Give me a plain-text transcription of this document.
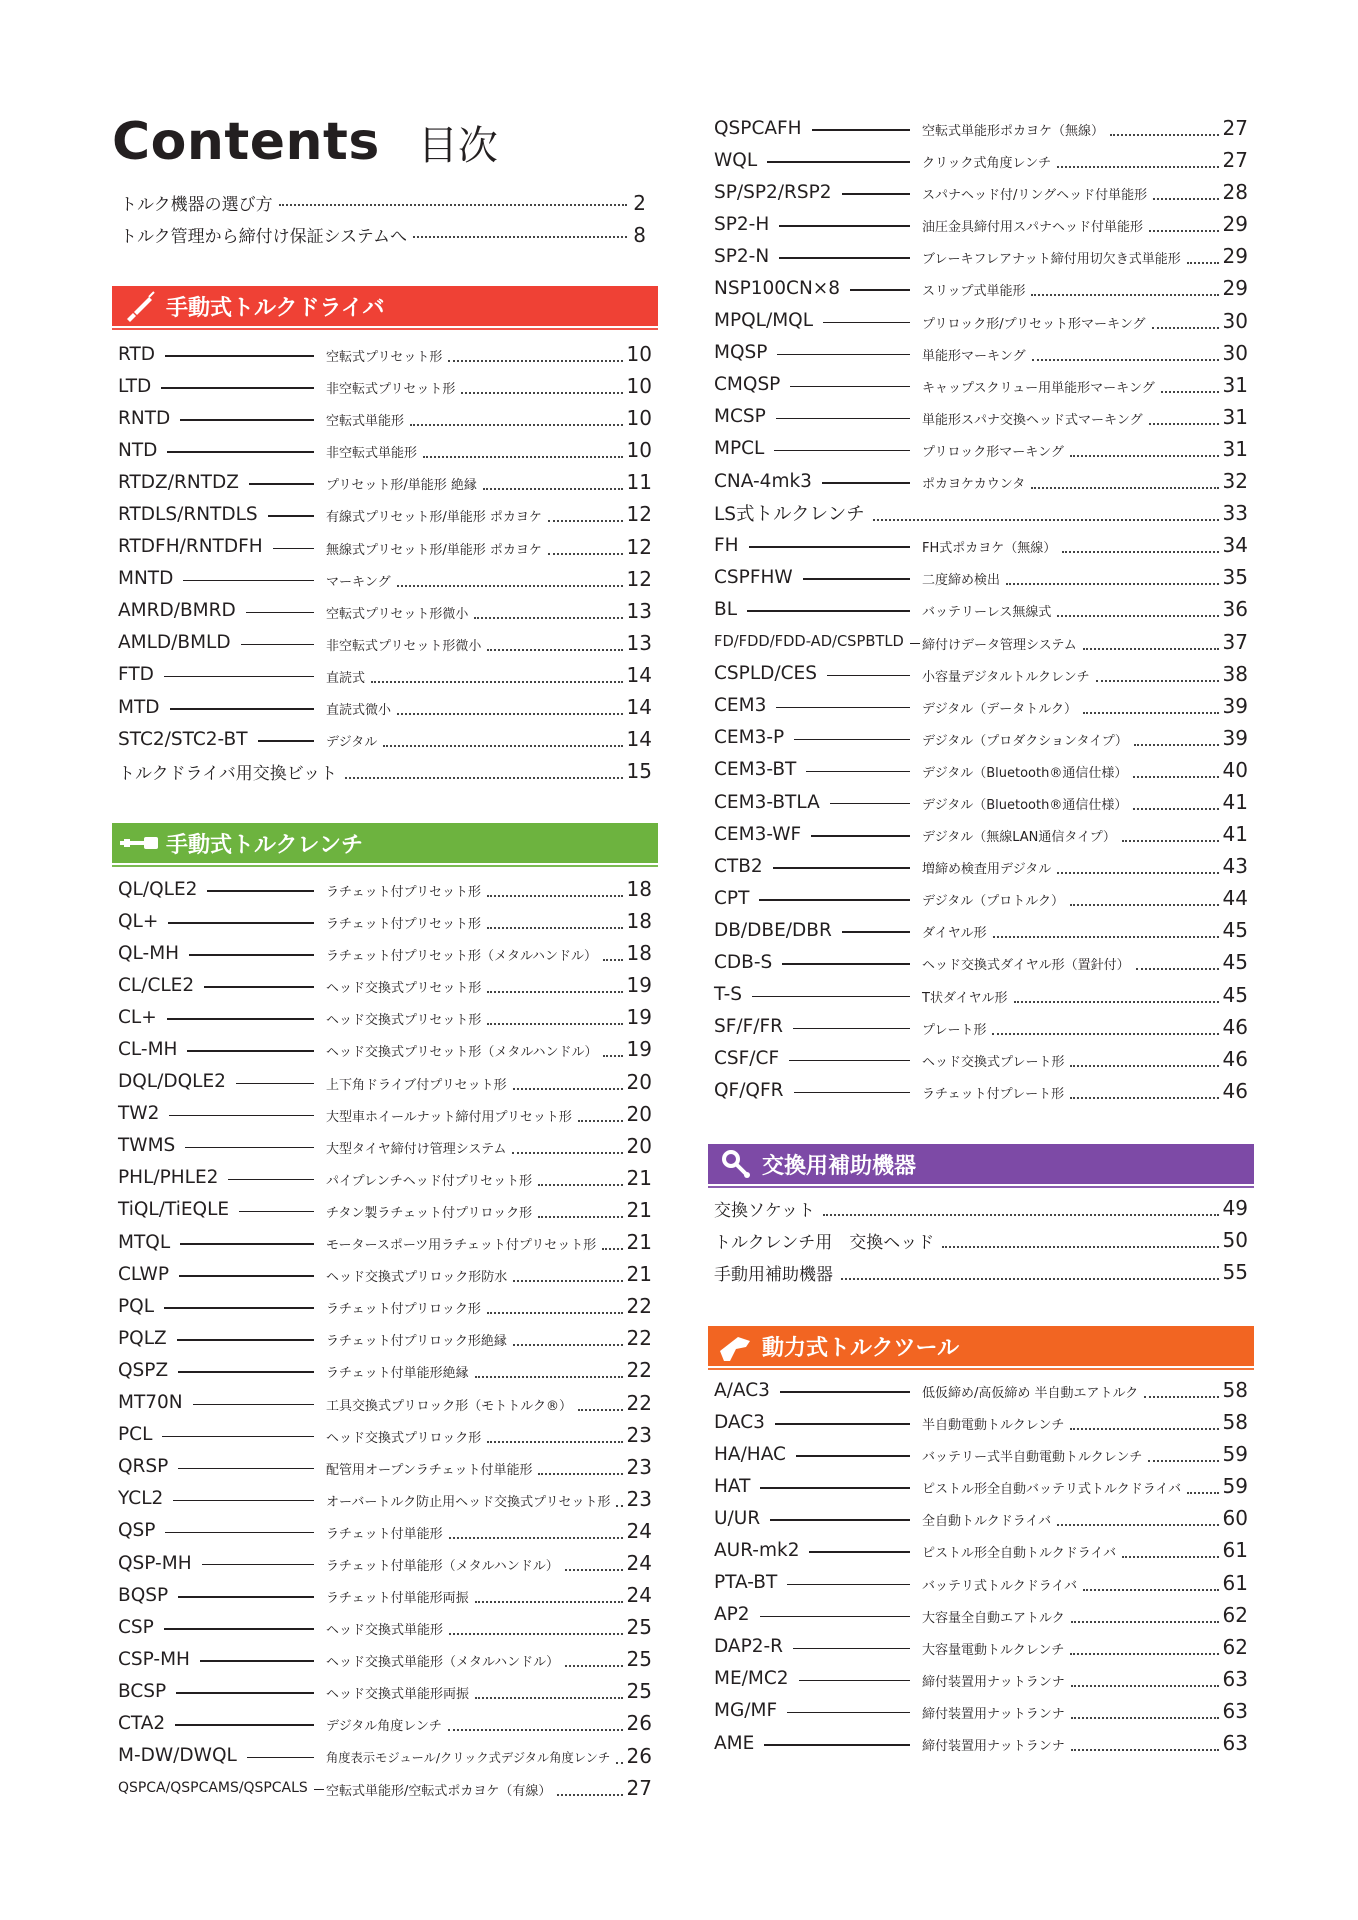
Contents 目次
トルク機器の選び方	2
トルク管理から締付け保証システムへ	8
手動式トルクドライバ
手動式トルクレンチ
交換用補助機器
動力式トルクツール
RTD	空転式プリセット形	10
LTD	非空転式プリセット形	10
RNTD	空転式単能形	10
NTD	非空転式単能形	10
RTDZ/RNTDZ	プリセット形/単能形 絶縁	11
RTDLS/RNTDLS	有線式プリセット形/単能形 ポカヨケ	12
RTDFH/RNTDFH	無線式プリセット形/単能形 ポカヨケ	12
MNTD	マーキング	12
AMRD/BMRD	空転式プリセット形微小	13
AMLD/BMLD	非空転式プリセット形微小	13
FTD	直読式	14
MTD	直読式微小	14
STC2/STC2-BT	デジタル	14
トルクドライバ用交換ビット	15
QL/QLE2	ラチェット付プリセット形	18
QL+	ラチェット付プリセット形	18
QL-MH	ラチェット付プリセット形（メタルハンドル） 18
CL/CLE2	ヘッド交換式プリセット形	19
CL+	ヘッド交換式プリセット形	19
CL-MH	ヘッド交換式プリセット形（メタルハンドル） 19
DQL/DQLE2	上下角ドライブ付プリセット形	20
TW2	大型車ホイールナット締付用プリセット形	20
TWMS	大型タイヤ締付け管理システム	20
PHL/PHLE2	パイプレンチヘッド付プリセット形	21
TiQL/TiEQLE	チタン製ラチェット付プリロック形	21
MTQL	モータースポーツ用ラチェット付プリセット形 21
CLWP	ヘッド交換式プリロック形防水	21
PQL	ラチェット付プリロック形	22
PQLZ	ラチェット付プリロック形絶縁	22
QSPZ	ラチェット付単能形絶縁	22
MT70N	工具交換式プリロック形（モトトルク®）	22
PCL	ヘッド交換式プリロック形	23
QRSP	配管用オープンラチェット付単能形	23
YCL2	オーバートルク防止用ヘッド交換式プリセット形 23
QSP	ラチェット付単能形	24
QSP-MH	ラチェット付単能形（メタルハンドル）	24
BQSP	ラチェット付単能形両振	24
CSP	ヘッド交換式単能形	25
CSP-MH	ヘッド交換式単能形（メタルハンドル）	25
BCSP	ヘッド交換式単能形両振	25
CTA2	デジタル角度レンチ	26
M-DW/DWQL	角度表示モジュール/クリック式デジタル角度レンチ 26
QSPCA/QSPCAMS/QSPCALS 空転式単能形/空転式ポカヨケ（有線）	27
QSPCAFH	空転式単能形ポカヨケ（無線）	27
WQL	クリック式角度レンチ	27
SP/SP2/RSP2	スパナヘッド付/リングヘッド付単能形	28
SP2-H	油圧金具締付用スパナヘッド付単能形	29
SP2-N	ブレーキフレアナット締付用切欠き式単能形 29
NSP100CN×8	スリップ式単能形	29
MPQL/MQL	プリロック形/プリセット形マーキング	30
MQSP	単能形マーキング	30
CMQSP	キャップスクリュー用単能形マーキング	31
MCSP	単能形スパナ交換ヘッド式マーキング	31
MPCL	プリロック形マーキング	31
CNA-4mk3	ポカヨケカウンタ	32
LS式トルクレンチ	33
FH	FH式ポカヨケ（無線）	34
CSPFHW	二度締め検出	35
BL	バッテリーレス無線式	36
FD/FDD/FDD-AD/CSPBTLD 締付けデータ管理システム	37
CSPLD/CES	小容量デジタルトルクレンチ	38
CEM3	デジタル（データトルク）	39
CEM3-P	デジタル（プロダクションタイプ）	39
CEM3-BT	デジタル（Bluetooth®通信仕様）	40
CEM3-BTLA	デジタル（Bluetooth®通信仕様）	41
CEM3-WF	デジタル（無線LAN通信タイプ）	41
CTB2	増締め検査用デジタル	43
CPT	デジタル（プロトルク）	44
DB/DBE/DBR	ダイヤル形	45
CDB-S	ヘッド交換式ダイヤル形（置針付）	45
T-S	T状ダイヤル形	45
SF/F/FR	プレート形	46
CSF/CF	ヘッド交換式プレート形	46
QF/QFR	ラチェット付プレート形	46
交換ソケット	49
トルクレンチ用　交換ヘッド	50
手動用補助機器	55
A/AC3	低仮締め/高仮締め 半自動エアトルク	58
DAC3	半自動電動トルクレンチ	58
HA/HAC	バッテリー式半自動電動トルクレンチ	59
HAT	ピストル形全自動バッテリ式トルクドライバ 59
U/UR	全自動トルクドライバ	60
AUR-mk2	ピストル形全自動トルクドライバ	61
PTA-BT	バッテリ式トルクドライバ	61
AP2	大容量全自動エアトルク	62
DAP2-R	大容量電動トルクレンチ	62
ME/MC2	締付装置用ナットランナ	63
MG/MF	締付装置用ナットランナ	63
AME	締付装置用ナットランナ	63
